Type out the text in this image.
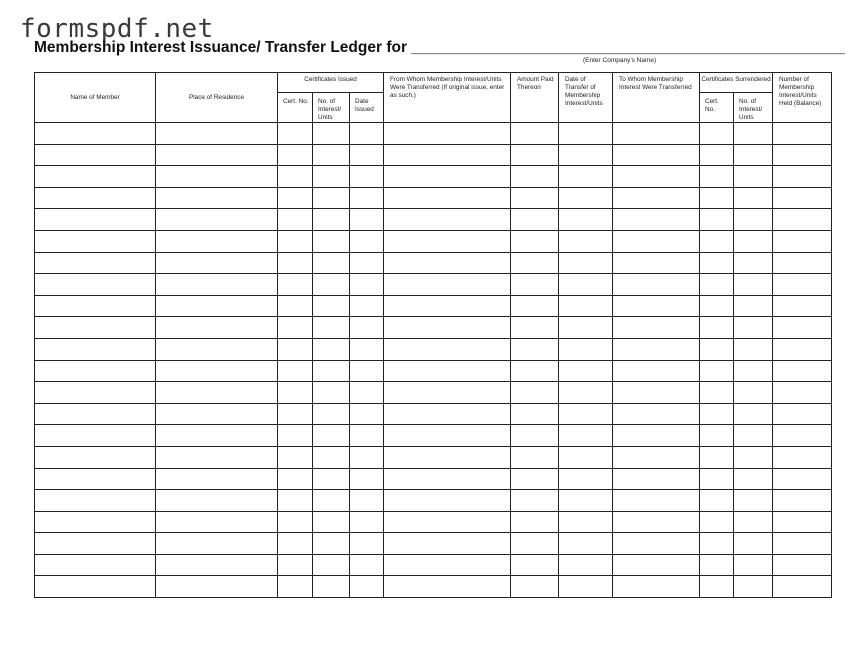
formspdf.net
Membership Interest Issuance/ Transfer Ledger for ______________________________________________________
(Enter Company's Name)
Name of Member	Place of Residence	Certificates Issued			From Whom Membership Interest/Units Were Transferred (If original issue, enter as such.)	Amount Paid Thereon	Date of Transfer of Membership Interest/Units	To Whom Membership Interest Were Transferred	Certificates Surrendered		Number of Membership Interest/Units Held (Balance)
		Cert. No.	No. of Interest/ Units	Date Issued					Cert. No.	No. of Interest/ Units	
